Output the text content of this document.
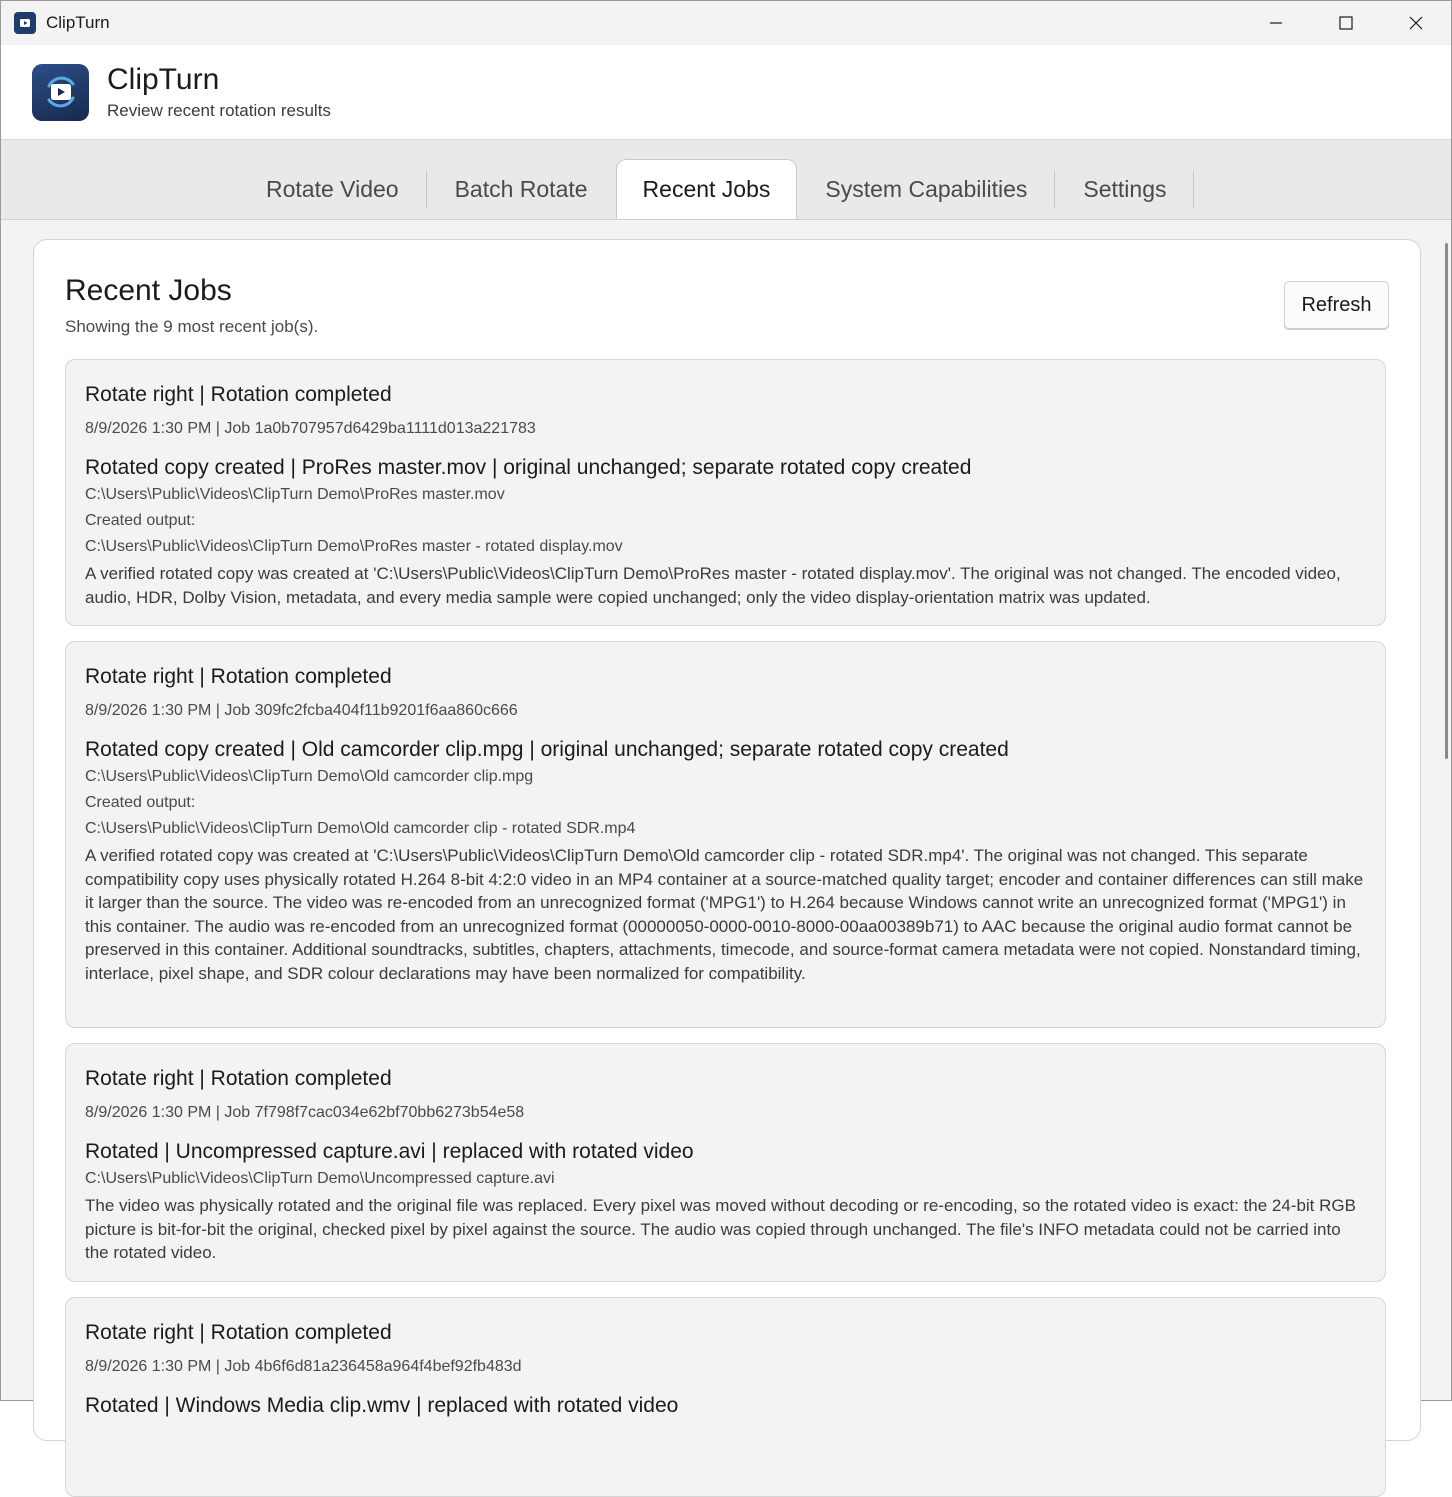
ClipTurn
ClipTurn
Review recent rotation results
Rotate Video	Batch Rotate	Recent Jobs	System Capabilities	Settings
Recent Jobs
Showing the 9 most recent job(s).
Refresh
Rotate right | Rotation completed
8/9/2026 1:30 PM | Job 1a0b707957d6429ba1111d013a221783
Rotated copy created | ProRes master.mov | original unchanged; separate rotated copy created
C:\Users\Public\Videos\ClipTurn Demo\ProRes master.mov
Created output:
C:\Users\Public\Videos\ClipTurn Demo\ProRes master - rotated display.mov
A verified rotated copy was created at 'C:\Users\Public\Videos\ClipTurn Demo\ProRes master - rotated display.mov'. The original was not changed. The encoded video, audio, HDR, Dolby Vision, metadata, and every media sample were copied unchanged; only the video display-orientation matrix was updated.
Rotate right | Rotation completed
8/9/2026 1:30 PM | Job 309fc2fcba404f11b9201f6aa860c666
Rotated copy created | Old camcorder clip.mpg | original unchanged; separate rotated copy created
C:\Users\Public\Videos\ClipTurn Demo\Old camcorder clip.mpg
Created output:
C:\Users\Public\Videos\ClipTurn Demo\Old camcorder clip - rotated SDR.mp4
A verified rotated copy was created at 'C:\Users\Public\Videos\ClipTurn Demo\Old camcorder clip - rotated SDR.mp4'. The original was not changed. This separate compatibility copy uses physically rotated H.264 8-bit 4:2:0 video in an MP4 container at a source-matched quality target; encoder and container differences can still make it larger than the source. The video was re-encoded from an unrecognized format ('MPG1') to H.264 because Windows cannot write an unrecognized format ('MPG1') in this container. The audio was re-encoded from an unrecognized format (00000050-0000-0010-8000-00aa00389b71) to AAC because the original audio format cannot be preserved in this container. Additional soundtracks, subtitles, chapters, attachments, timecode, and source-format camera metadata were not copied. Nonstandard timing, interlace, pixel shape, and SDR colour declarations may have been normalized for compatibility.
Rotate right | Rotation completed
8/9/2026 1:30 PM | Job 7f798f7cac034e62bf70bb6273b54e58
Rotated | Uncompressed capture.avi | replaced with rotated video
C:\Users\Public\Videos\ClipTurn Demo\Uncompressed capture.avi
The video was physically rotated and the original file was replaced. Every pixel was moved without decoding or re-encoding, so the rotated video is exact: the 24-bit RGB picture is bit-for-bit the original, checked pixel by pixel against the source. The audio was copied through unchanged. The file's INFO metadata could not be carried into the rotated video.
Rotate right | Rotation completed
8/9/2026 1:30 PM | Job 4b6f6d81a236458a964f4bef92fb483d
Rotated | Windows Media clip.wmv | replaced with rotated video
